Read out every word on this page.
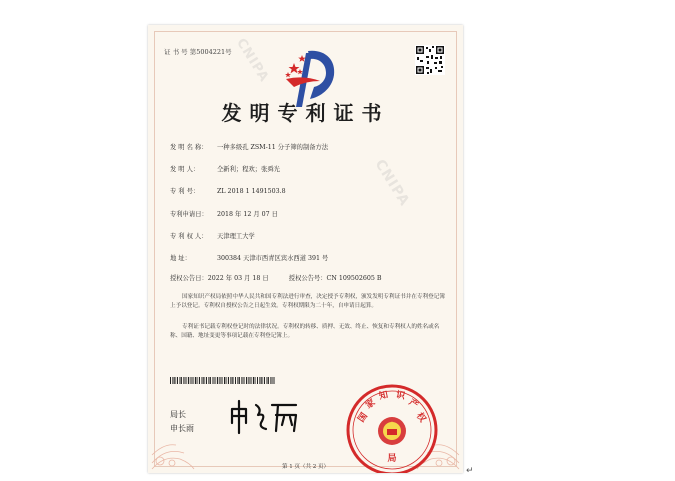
CNIPA
CNIPA
证 书 号 第5004221号
发明专利证书
发 明 名 称： 一种多级孔 ZSM-11 分子筛的制备方法
发 明 人：	仝新利；程欢；张舜光
专 利 号：	ZL 2018 1 1491503.8
专利申请日： 2018 年 12 月 07 日
专 利 权 人： 天津理工大学
地 址：	300384 天津市西青区宾水西道 391 号
授权公告日：2022 年 03 月 18 日	授权公告号：CN 109502605 B
国家知识产权局依照中华人民共和国专利法进行审查，决定授予专利权，颁发发明专利证书并在专利登记簿上予以登记。专利权自授权公告之日起生效。专利权期限为二十年，自申请日起算。
专利证书记载专利权登记时的法律状况。专利权的转移、质押、无效、终止、恢复和专利权人的姓名或名称、国籍、地址变更等事项记载在专利登记簿上。
局长
申长雨
国
家
知 识
产
权
局
第 1 页（共 2 页）	↵
